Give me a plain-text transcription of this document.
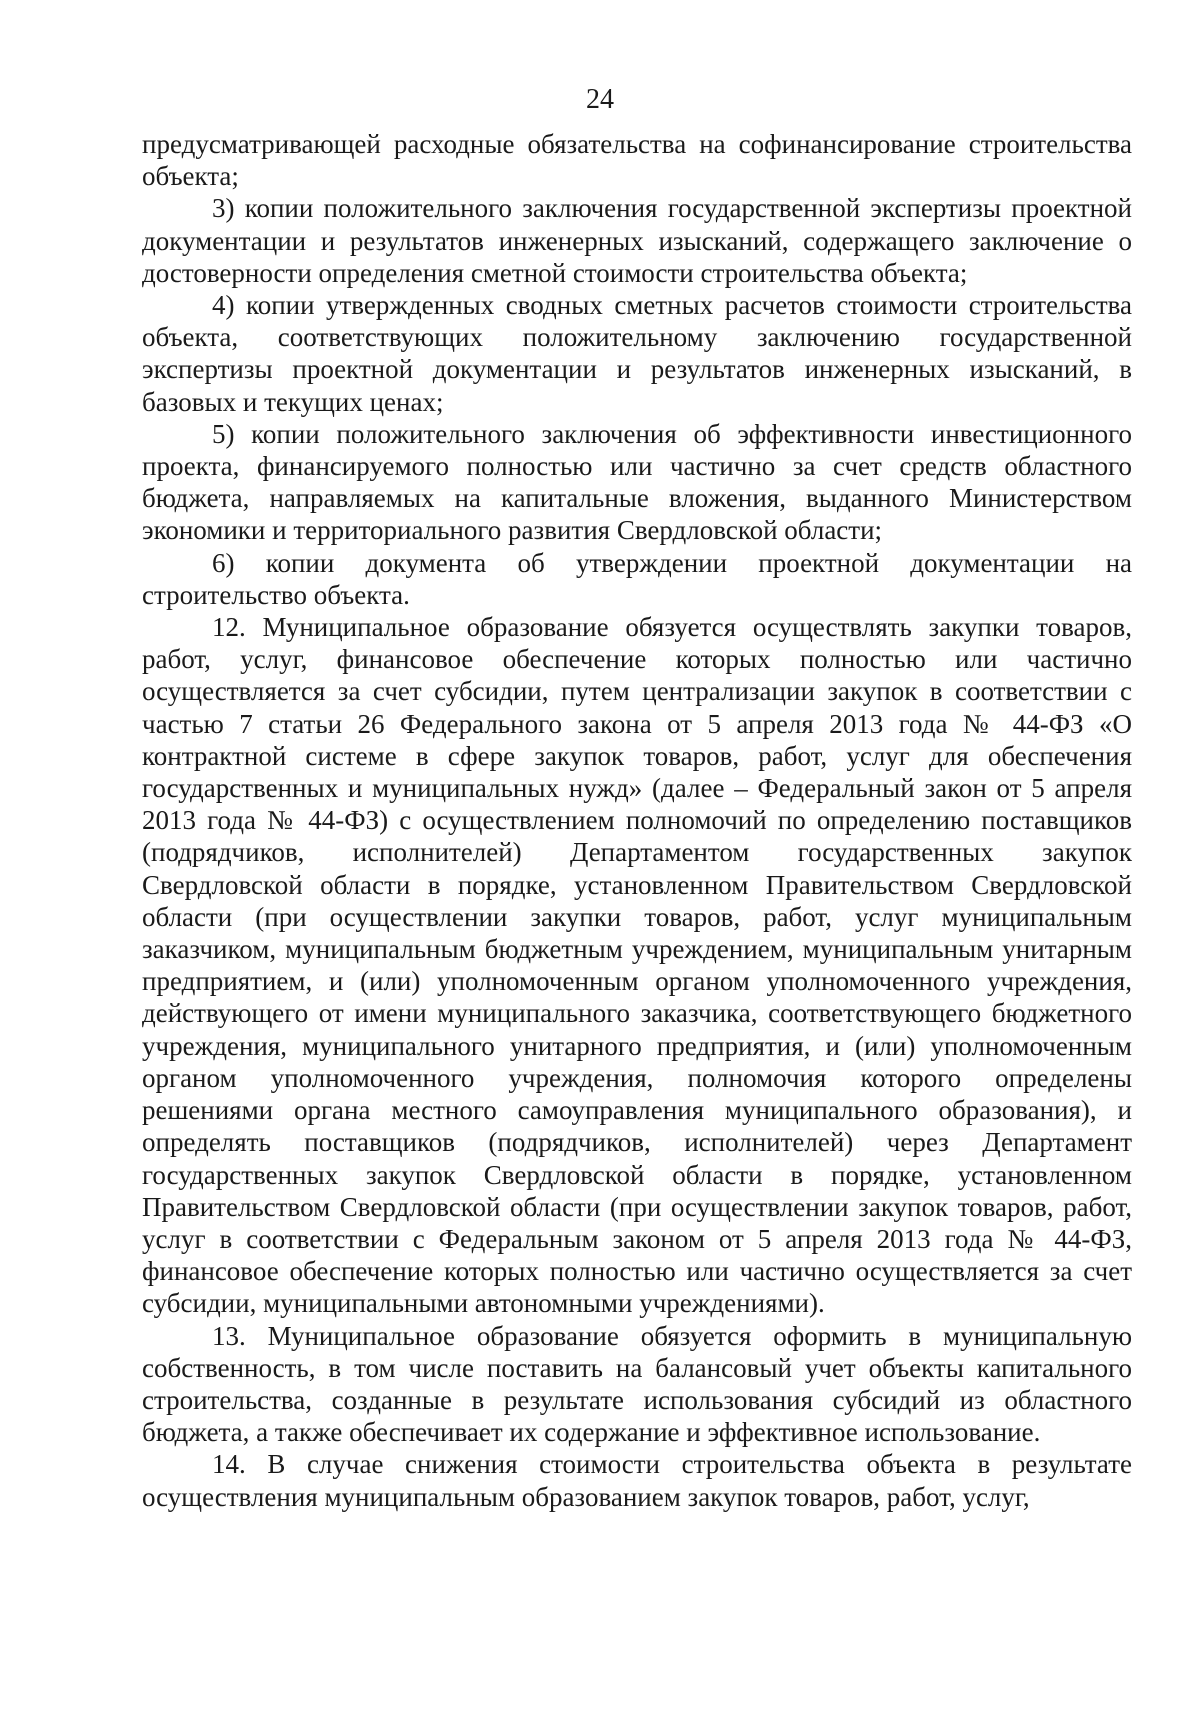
24

предусматривающей расходные обязательства на софинансирование строительства объекта;

3) копии положительного заключения государственной экспертизы проектной документации и результатов инженерных изысканий, содержащего заключение о достоверности определения сметной стоимости строительства объекта;

4) копии утвержденных сводных сметных расчетов стоимости строительства объекта, соответствующих положительному заключению государственной экспертизы проектной документации и результатов инженерных изысканий, в базовых и текущих ценах;

5) копии положительного заключения об эффективности инвестиционного проекта, финансируемого полностью или частично за счет средств областного бюджета, направляемых на капитальные вложения, выданного Министерством экономики и территориального развития Свердловской области;

6) копии документа об утверждении проектной документации на строительство объекта.

12. Муниципальное образование обязуется осуществлять закупки товаров, работ, услуг, финансовое обеспечение которых полностью или частично осуществляется за счет субсидии, путем централизации закупок в соответствии с частью 7 статьи 26 Федерального закона от 5 апреля 2013 года № 44-ФЗ «О контрактной системе в сфере закупок товаров, работ, услуг для обеспечения государственных и муниципальных нужд» (далее – Федеральный закон от 5 апреля 2013 года № 44-ФЗ) с осуществлением полномочий по определению поставщиков (подрядчиков, исполнителей) Департаментом государственных закупок Свердловской области в порядке, установленном Правительством Свердловской области (при осуществлении закупки товаров, работ, услуг муниципальным заказчиком, муниципальным бюджетным учреждением, муниципальным унитарным предприятием, и (или) уполномоченным органом уполномоченного учреждения, действующего от имени муниципального заказчика, соответствующего бюджетного учреждения, муниципального унитарного предприятия, и (или) уполномоченным органом уполномоченного учреждения, полномочия которого определены решениями органа местного самоуправления муниципального образования), и определять поставщиков (подрядчиков, исполнителей) через Департамент государственных закупок Свердловской области в порядке, установленном Правительством Свердловской области (при осуществлении закупок товаров, работ, услуг в соответствии с Федеральным законом от 5 апреля 2013 года № 44-ФЗ, финансовое обеспечение которых полностью или частично осуществляется за счет субсидии, муниципальными автономными учреждениями).

13. Муниципальное образование обязуется оформить в муниципальную собственность, в том числе поставить на балансовый учет объекты капитального строительства, созданные в результате использования субсидий из областного бюджета, а также обеспечивает их содержание и эффективное использование.

14. В случае снижения стоимости строительства объекта в результате осуществления муниципальным образованием закупок товаров, работ, услуг,
